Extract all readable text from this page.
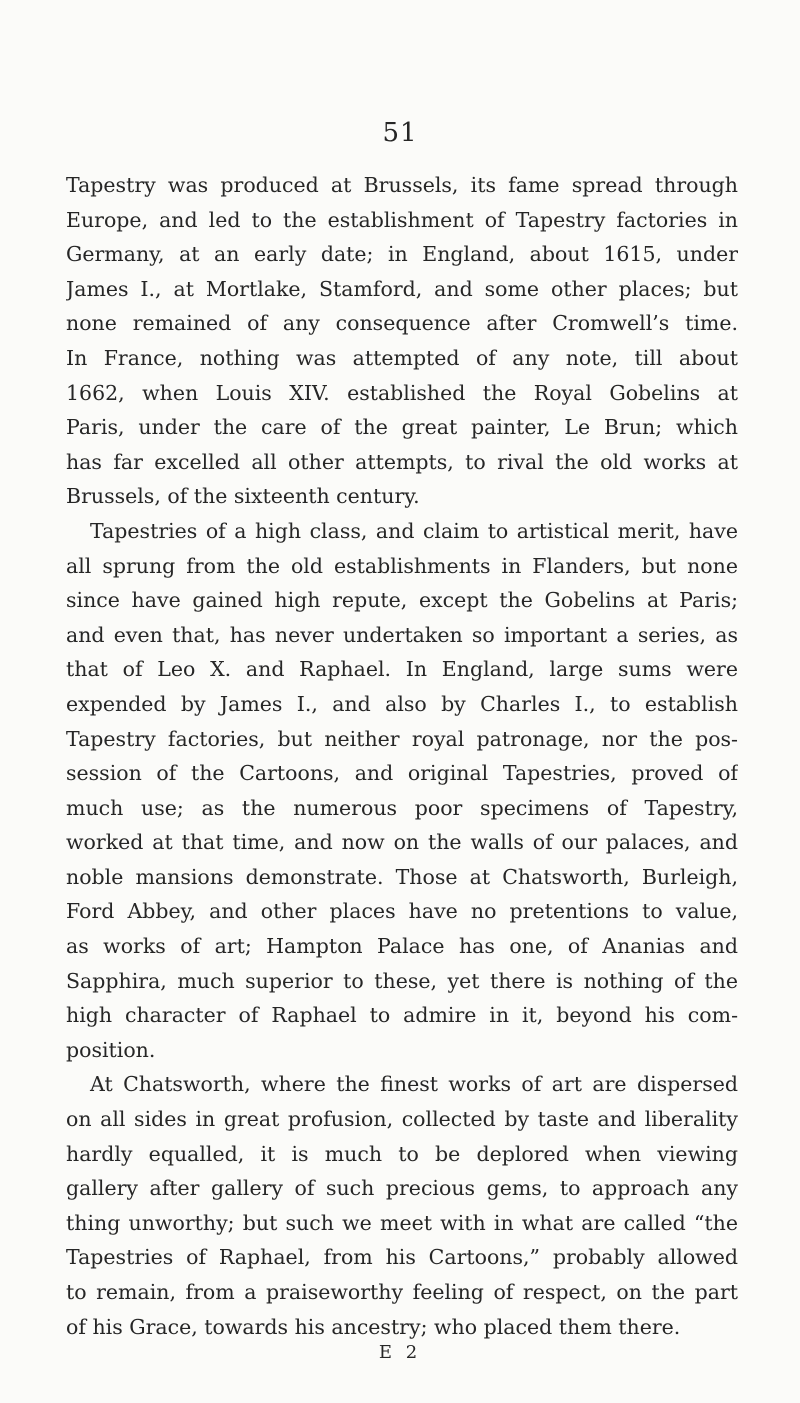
51
Tapestry was produced at Brussels, its fame spread through
Europe, and led to the establishment of Tapestry factories in
Germany, at an early date; in England, about 1615, under
James I., at Mortlake, Stamford, and some other places; but
none remained of any consequence after Cromwell’s time.
In France, nothing was attempted of any note, till about
1662, when Louis XIV. established the Royal Gobelins at
Paris, under the care of the great painter, Le Brun; which
has far excelled all other attempts, to rival the old works at
Brussels, of the sixteenth century.
Tapestries of a high class, and claim to artistical merit, have
all sprung from the old establishments in Flanders, but none
since have gained high repute, except the Gobelins at Paris;
and even that, has never undertaken so important a series, as
that of Leo X. and Raphael. In England, large sums were
expended by James I., and also by Charles I., to establish
Tapestry factories, but neither royal patronage, nor the pos-
session of the Cartoons, and original Tapestries, proved of
much use; as the numerous poor specimens of Tapestry,
worked at that time, and now on the walls of our palaces, and
noble mansions demonstrate. Those at Chatsworth, Burleigh,
Ford Abbey, and other places have no pretentions to value,
as works of art; Hampton Palace has one, of Ananias and
Sapphira, much superior to these, yet there is nothing of the
high character of Raphael to admire in it, beyond his com-
position.
At Chatsworth, where the finest works of art are dispersed
on all sides in great profusion, collected by taste and liberality
hardly equalled, it is much to be deplored when viewing
gallery after gallery of such precious gems, to approach any
thing unworthy; but such we meet with in what are called “the
Tapestries of Raphael, from his Cartoons,” probably allowed
to remain, from a praiseworthy feeling of respect, on the part
of his Grace, towards his ancestry; who placed them there.
E 2
